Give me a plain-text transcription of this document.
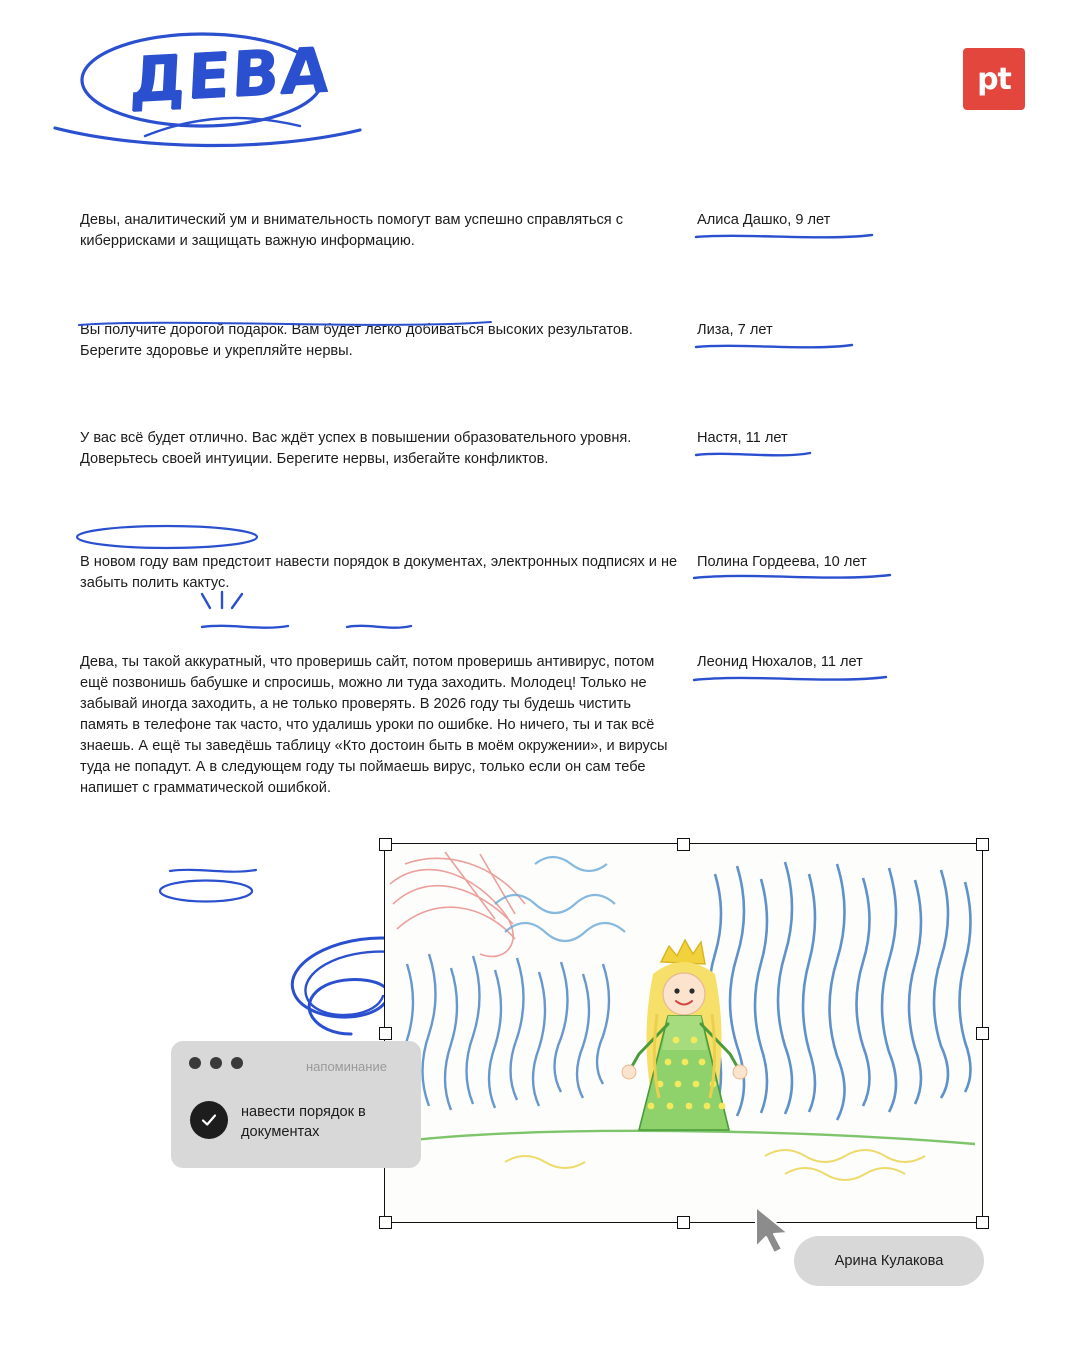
ДЕВА	pt
Девы, аналитический ум и внимательность помогут вам успешно справляться с киберрисками и защищать важную информацию.
Алиса Дашко, 9 лет
Вы получите дорогой подарок. Вам будет легко добиваться высоких результатов. Берегите здоровье и укрепляйте нервы.
Лиза, 7 лет
У вас всё будет отлично. Вас ждёт успех в повышении образовательного уровня. Доверьтесь своей интуиции. Берегите нервы, избегайте конфликтов.
Настя, 11 лет
В новом году вам предстоит навести порядок в документах, электронных подписях и не забыть полить кактус.
Полина Гордеева, 10 лет
Дева, ты такой аккуратный, что проверишь сайт, потом проверишь антивирус, потом ещё позвонишь бабушке и спросишь, можно ли туда заходить. Молодец! Только не забывай иногда заходить, а не только проверять. В 2026 году ты будешь чистить память в телефоне так часто, что удалишь уроки по ошибке. Но ничего, ты и так всё знаешь. А ещё ты заведёшь таблицу «Кто достоин быть в моём окружении», и вирусы туда не попадут. А в следующем году ты поймаешь вирус, только если он сам тебе напишет с грамматической ошибкой.
Леонид Нюхалов, 11 лет
напоминание
навести порядок в документах
Арина Кулакова
